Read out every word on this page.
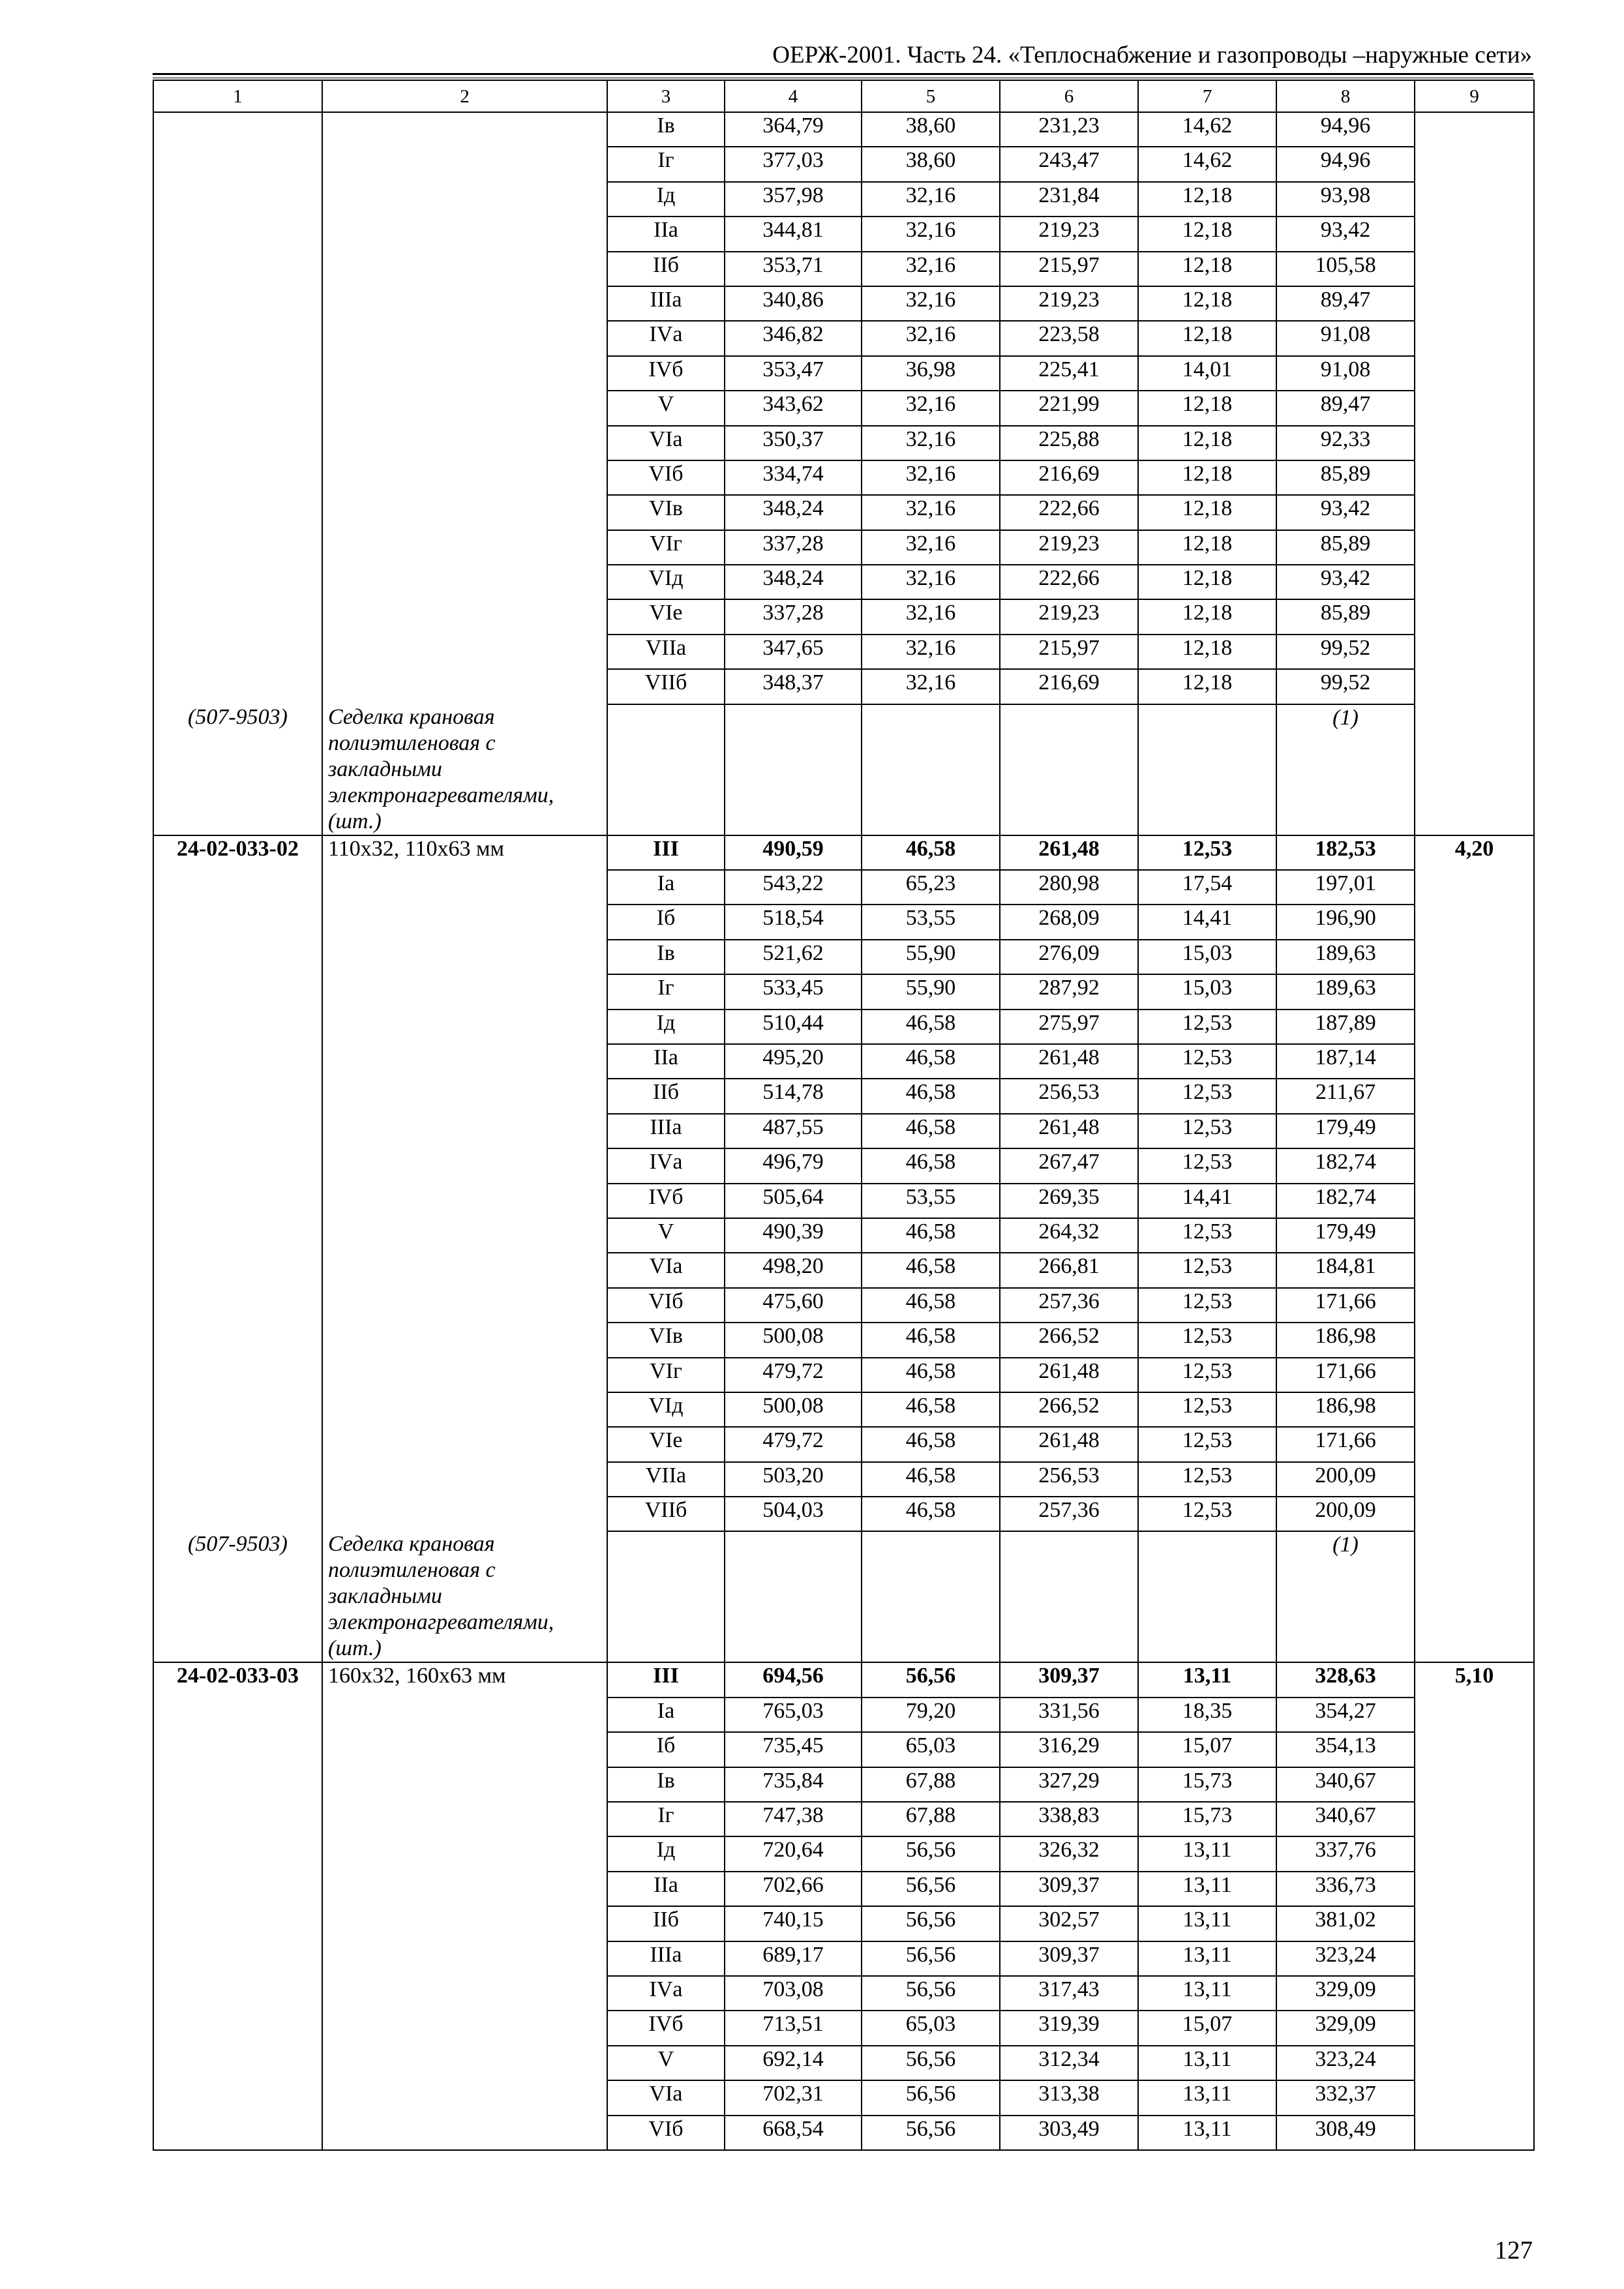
ОЕРЖ-2001. Часть 24. «Теплоснабжение и газопроводы –наружные сети»
1	2	3	4	5	6	7	8	9
		Iв	364,79	38,60	231,23	14,62	94,96	
		Iг	377,03	38,60	243,47	14,62	94,96	
		Iд	357,98	32,16	231,84	12,18	93,98	
		IIа	344,81	32,16	219,23	12,18	93,42	
		IIб	353,71	32,16	215,97	12,18	105,58	
		IIIа	340,86	32,16	219,23	12,18	89,47	
		IVа	346,82	32,16	223,58	12,18	91,08	
		IVб	353,47	36,98	225,41	14,01	91,08	
		V	343,62	32,16	221,99	12,18	89,47	
		VIа	350,37	32,16	225,88	12,18	92,33	
		VIб	334,74	32,16	216,69	12,18	85,89	
		VIв	348,24	32,16	222,66	12,18	93,42	
		VIг	337,28	32,16	219,23	12,18	85,89	
		VIд	348,24	32,16	222,66	12,18	93,42	
		VIе	337,28	32,16	219,23	12,18	85,89	
		VIIа	347,65	32,16	215,97	12,18	99,52	
		VIIб	348,37	32,16	216,69	12,18	99,52	
(507-9503)	Седелка крановая полиэтиленовая с закладными электронагревателями, (шт.)						(1)	
24-02-033-02	110x32, 110x63 мм	III	490,59	46,58	261,48	12,53	182,53	4,20
		Iа	543,22	65,23	280,98	17,54	197,01	
		Iб	518,54	53,55	268,09	14,41	196,90	
		Iв	521,62	55,90	276,09	15,03	189,63	
		Iг	533,45	55,90	287,92	15,03	189,63	
		Iд	510,44	46,58	275,97	12,53	187,89	
		IIа	495,20	46,58	261,48	12,53	187,14	
		IIб	514,78	46,58	256,53	12,53	211,67	
		IIIа	487,55	46,58	261,48	12,53	179,49	
		IVа	496,79	46,58	267,47	12,53	182,74	
		IVб	505,64	53,55	269,35	14,41	182,74	
		V	490,39	46,58	264,32	12,53	179,49	
		VIа	498,20	46,58	266,81	12,53	184,81	
		VIб	475,60	46,58	257,36	12,53	171,66	
		VIв	500,08	46,58	266,52	12,53	186,98	
		VIг	479,72	46,58	261,48	12,53	171,66	
		VIд	500,08	46,58	266,52	12,53	186,98	
		VIе	479,72	46,58	261,48	12,53	171,66	
		VIIа	503,20	46,58	256,53	12,53	200,09	
		VIIб	504,03	46,58	257,36	12,53	200,09	
(507-9503)	Седелка крановая полиэтиленовая с закладными электронагревателями, (шт.)						(1)	
24-02-033-03	160x32, 160x63 мм	III	694,56	56,56	309,37	13,11	328,63	5,10
		Iа	765,03	79,20	331,56	18,35	354,27	
		Iб	735,45	65,03	316,29	15,07	354,13	
		Iв	735,84	67,88	327,29	15,73	340,67	
		Iг	747,38	67,88	338,83	15,73	340,67	
		Iд	720,64	56,56	326,32	13,11	337,76	
		IIа	702,66	56,56	309,37	13,11	336,73	
		IIб	740,15	56,56	302,57	13,11	381,02	
		IIIа	689,17	56,56	309,37	13,11	323,24	
		IVа	703,08	56,56	317,43	13,11	329,09	
		IVб	713,51	65,03	319,39	15,07	329,09	
		V	692,14	56,56	312,34	13,11	323,24	
		VIа	702,31	56,56	313,38	13,11	332,37	
		VIб	668,54	56,56	303,49	13,11	308,49	
127
